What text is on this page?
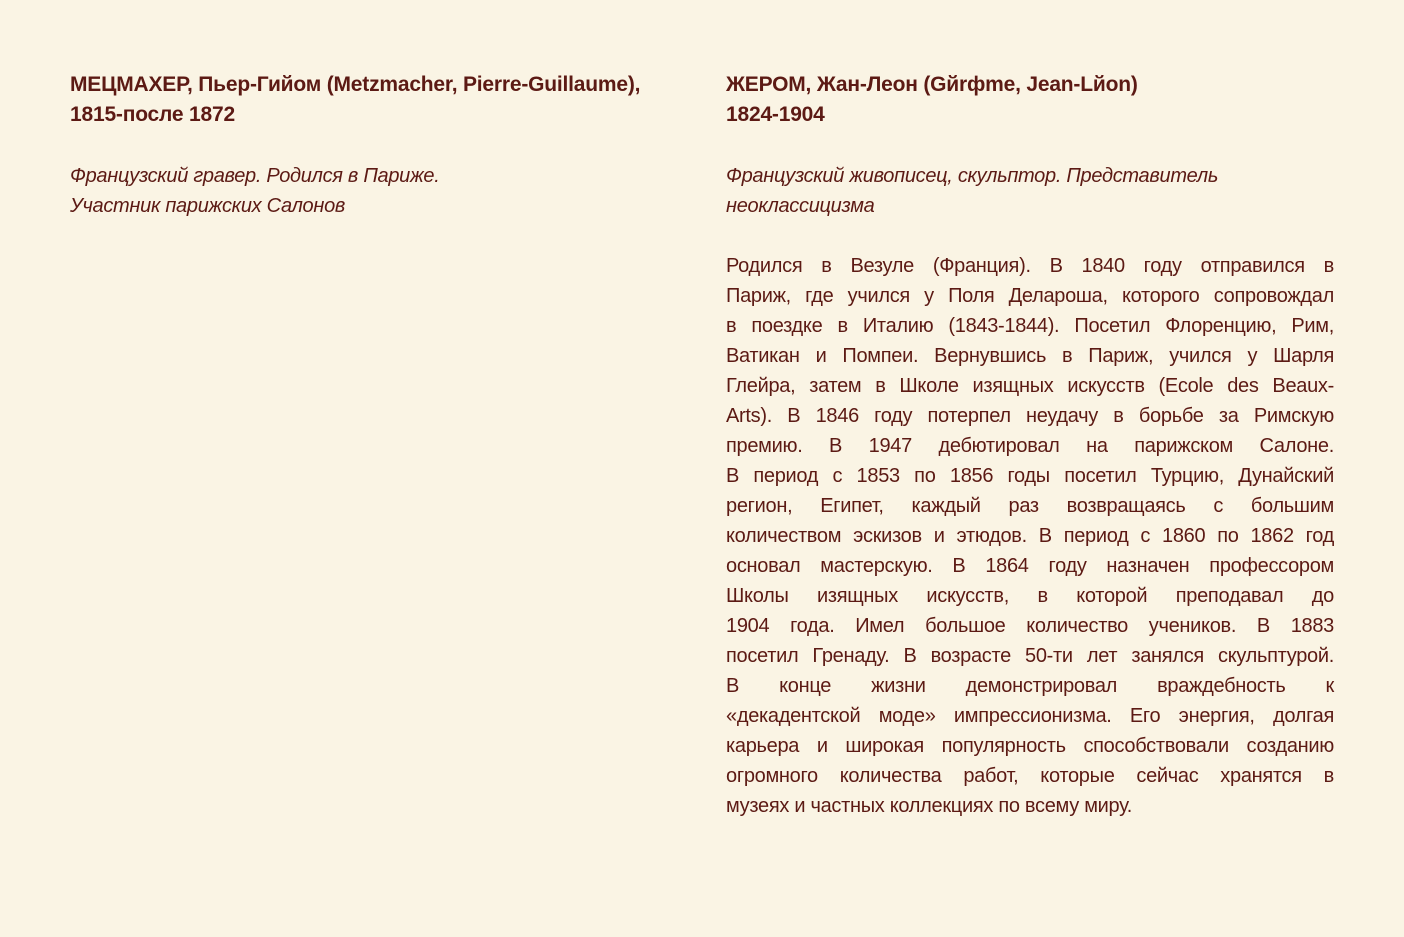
МЕЦМАХЕР, Пьер-Гийом (Metzmacher, Pierre-Guillaume),
1815-после 1872

Французский гравер. Родился в Париже.
Участник парижских Салонов

ЖЕРОМ, Жан-Леон (Gйrфme, Jean-Lйon)
1824-1904

Французский живописец, скульптор. Представитель
неоклассицизма

Родился в Везуле (Франция). В 1840 году отправился в
Париж, где учился у Поля Делароша, которого сопровождал
в поездке в Италию (1843-1844). Посетил Флоренцию, Рим,
Ватикан и Помпеи. Вернувшись в Париж, учился у Шарля
Глейра, затем в Школе изящных искусств (Ecole des Beaux-
Arts). В 1846 году потерпел неудачу в борьбе за Римскую
премию. В 1947 дебютировал на парижском Салоне.
В период с 1853 по 1856 годы посетил Турцию, Дунайский
регион, Египет, каждый раз возвращаясь с большим
количеством эскизов и этюдов. В период с 1860 по 1862 год
основал мастерскую. В 1864 году назначен профессором
Школы изящных искусств, в которой преподавал до
1904 года. Имел большое количество учеников. В 1883
посетил Гренаду. В возрасте 50-ти лет занялся скульптурой.
В конце жизни демонстрировал враждебность к
«декадентской моде» импрессионизма. Его энергия, долгая
карьера и широкая популярность способствовали созданию
огромного количества работ, которые сейчас хранятся в
музеях и частных коллекциях по всему миру.
